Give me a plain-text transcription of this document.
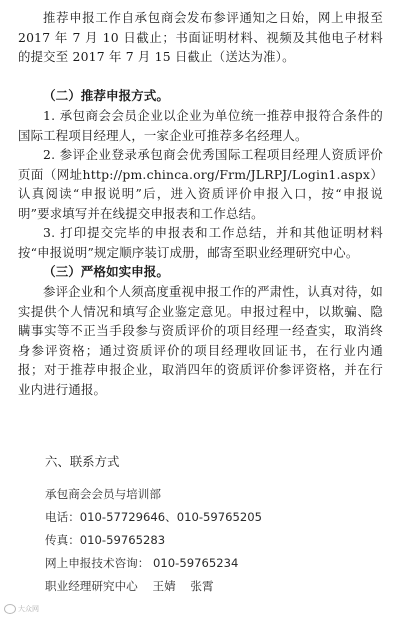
推荐申报工作自承包商会发布参评通知之日始，网上申报至 2017 年 7 月 10 日截止；书面证明材料、视频及其他电子材料的提交至 2017 年 7 月 15 日截止（送达为准）。
（二）推荐申报方式。
1. 承包商会会员企业以企业为单位统一推荐申报符合条件的国际工程项目经理人，一家企业可推荐多名经理人。
2. 参评企业登录承包商会优秀国际工程项目经理人资质评价页面（网址http://pm.chinca.org/Frm/JLRPJ/Login1.aspx）认真阅读“申报说明”后，进入资质评价申报入口，按“申报说明”要求填写并在线提交申报表和工作总结。
3. 打印提交完毕的申报表和工作总结，并和其他证明材料按“申报说明”规定顺序装订成册，邮寄至职业经理研究中心。
（三）严格如实申报。
参评企业和个人须高度重视申报工作的严肃性，认真对待，如实提供个人情况和填写企业鉴定意见。申报过程中，以欺骗、隐瞒事实等不正当手段参与资质评价的项目经理一经查实，取消终身参评资格；通过资质评价的项目经理收回证书，在行业内通报；对于推荐申报企业，取消四年的资质评价参评资格，并在行业内进行通报。
六、联系方式
承包商会会员与培训部
电话：010-57729646、010-59765205
传真：010-59765283
网上申报技术咨询： 010-59765234
职业经理研究中心    王婧    张霄
大众网
